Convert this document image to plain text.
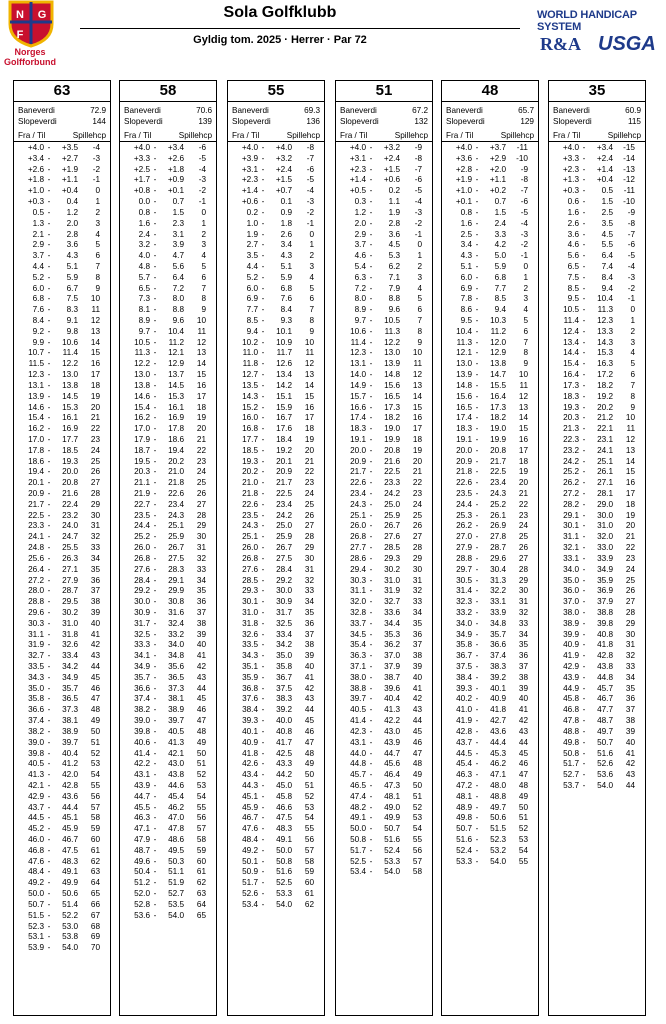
N G
F
Norges
Golfforbund
Sola Golfklubb
Gyldig tom. 2025 · Herrer · Par 72
WORLD HANDICAP SYSTEM
R&A USGA
63
Baneverdi	72.9
Slopeverdi	144
Fra / Til	Spillehcp
+4.0 -	+3.5	-4
+3.4 -	+2.7	-3
+2.6 -	+1.9	-2
+1.8 -	+1.1	-1
+1.0 -	+0.4	0
+0.3 -	0.4	1
0.5 -	1.2	2
1.3 -	2.0	3
2.1 -	2.8	4
2.9 -	3.6	5
3.7 -	4.3	6
4.4 -	5.1	7
5.2 -	5.9	8
6.0 -	6.7	9
6.8 -	7.5	10
7.6 -	8.3	11
8.4 -	9.1	12
9.2 -	9.8	13
9.9 -	10.6	14
10.7 -	11.4	15
11.5 -	12.2	16
12.3 -	13.0	17
13.1 -	13.8	18
13.9 -	14.5	19
14.6 -	15.3	20
15.4 -	16.1	21
16.2 -	16.9	22
17.0 -	17.7	23
17.8 -	18.5	24
18.6 -	19.3	25
19.4 -	20.0	26
20.1 -	20.8	27
20.9 -	21.6	28
21.7 -	22.4	29
22.5 -	23.2	30
23.3 -	24.0	31
24.1 -	24.7	32
24.8 -	25.5	33
25.6 -	26.3	34
26.4 -	27.1	35
27.2 -	27.9	36
28.0 -	28.7	37
28.8 -	29.5	38
29.6 -	30.2	39
30.3 -	31.0	40
31.1 -	31.8	41
31.9 -	32.6	42
32.7 -	33.4	43
33.5 -	34.2	44
34.3 -	34.9	45
35.0 -	35.7	46
35.8 -	36.5	47
36.6 -	37.3	48
37.4 -	38.1	49
38.2 -	38.9	50
39.0 -	39.7	51
39.8 -	40.4	52
40.5 -	41.2	53
41.3 -	42.0	54
42.1 -	42.8	55
42.9 -	43.6	56
43.7 -	44.4	57
44.5 -	45.1	58
45.2 -	45.9	59
46.0 -	46.7	60
46.8 -	47.5	61
47.6 -	48.3	62
48.4 -	49.1	63
49.2 -	49.9	64
50.0 -	50.6	65
50.7 -	51.4	66
51.5 -	52.2	67
52.3 -	53.0	68
53.1 -	53.8	69
53.9 -	54.0	70
58
Baneverdi	70.6
Slopeverdi	139
Fra / Til	Spillehcp
+4.0 -	+3.4	-6
+3.3 -	+2.6	-5
+2.5 -	+1.8	-4
+1.7 -	+0.9	-3
+0.8 -	+0.1	-2
0.0 -	0.7	-1
0.8 -	1.5	0
1.6 -	2.3	1
2.4 -	3.1	2
3.2 -	3.9	3
4.0 -	4.7	4
4.8 -	5.6	5
5.7 -	6.4	6
6.5 -	7.2	7
7.3 -	8.0	8
8.1 -	8.8	9
8.9 -	9.6	10
9.7 -	10.4	11
10.5 -	11.2	12
11.3 -	12.1	13
12.2 -	12.9	14
13.0 -	13.7	15
13.8 -	14.5	16
14.6 -	15.3	17
15.4 -	16.1	18
16.2 -	16.9	19
17.0 -	17.8	20
17.9 -	18.6	21
18.7 -	19.4	22
19.5 -	20.2	23
20.3 -	21.0	24
21.1 -	21.8	25
21.9 -	22.6	26
22.7 -	23.4	27
23.5 -	24.3	28
24.4 -	25.1	29
25.2 -	25.9	30
26.0 -	26.7	31
26.8 -	27.5	32
27.6 -	28.3	33
28.4 -	29.1	34
29.2 -	29.9	35
30.0 -	30.8	36
30.9 -	31.6	37
31.7 -	32.4	38
32.5 -	33.2	39
33.3 -	34.0	40
34.1 -	34.8	41
34.9 -	35.6	42
35.7 -	36.5	43
36.6 -	37.3	44
37.4 -	38.1	45
38.2 -	38.9	46
39.0 -	39.7	47
39.8 -	40.5	48
40.6 -	41.3	49
41.4 -	42.1	50
42.2 -	43.0	51
43.1 -	43.8	52
43.9 -	44.6	53
44.7 -	45.4	54
45.5 -	46.2	55
46.3 -	47.0	56
47.1 -	47.8	57
47.9 -	48.6	58
48.7 -	49.5	59
49.6 -	50.3	60
50.4 -	51.1	61
51.2 -	51.9	62
52.0 -	52.7	63
52.8 -	53.5	64
53.6 -	54.0	65
55
Baneverdi	69.3
Slopeverdi	136
Fra / Til	Spillehcp
+4.0 -	+4.0	-8
+3.9 -	+3.2	-7
+3.1 -	+2.4	-6
+2.3 -	+1.5	-5
+1.4 -	+0.7	-4
+0.6 -	0.1	-3
0.2 -	0.9	-2
1.0 -	1.8	-1
1.9 -	2.6	0
2.7 -	3.4	1
3.5 -	4.3	2
4.4 -	5.1	3
5.2 -	5.9	4
6.0 -	6.8	5
6.9 -	7.6	6
7.7 -	8.4	7
8.5 -	9.3	8
9.4 -	10.1	9
10.2 -	10.9	10
11.0 -	11.7	11
11.8 -	12.6	12
12.7 -	13.4	13
13.5 -	14.2	14
14.3 -	15.1	15
15.2 -	15.9	16
16.0 -	16.7	17
16.8 -	17.6	18
17.7 -	18.4	19
18.5 -	19.2	20
19.3 -	20.1	21
20.2 -	20.9	22
21.0 -	21.7	23
21.8 -	22.5	24
22.6 -	23.4	25
23.5 -	24.2	26
24.3 -	25.0	27
25.1 -	25.9	28
26.0 -	26.7	29
26.8 -	27.5	30
27.6 -	28.4	31
28.5 -	29.2	32
29.3 -	30.0	33
30.1 -	30.9	34
31.0 -	31.7	35
31.8 -	32.5	36
32.6 -	33.4	37
33.5 -	34.2	38
34.3 -	35.0	39
35.1 -	35.8	40
35.9 -	36.7	41
36.8 -	37.5	42
37.6 -	38.3	43
38.4 -	39.2	44
39.3 -	40.0	45
40.1 -	40.8	46
40.9 -	41.7	47
41.8 -	42.5	48
42.6 -	43.3	49
43.4 -	44.2	50
44.3 -	45.0	51
45.1 -	45.8	52
45.9 -	46.6	53
46.7 -	47.5	54
47.6 -	48.3	55
48.4 -	49.1	56
49.2 -	50.0	57
50.1 -	50.8	58
50.9 -	51.6	59
51.7 -	52.5	60
52.6 -	53.3	61
53.4 -	54.0	62
51
Baneverdi	67.2
Slopeverdi	132
Fra / Til	Spillehcp
+4.0 -	+3.2	-9
+3.1 -	+2.4	-8
+2.3 -	+1.5	-7
+1.4 -	+0.6	-6
+0.5 -	0.2	-5
0.3 -	1.1	-4
1.2 -	1.9	-3
2.0 -	2.8	-2
2.9 -	3.6	-1
3.7 -	4.5	0
4.6 -	5.3	1
5.4 -	6.2	2
6.3 -	7.1	3
7.2 -	7.9	4
8.0 -	8.8	5
8.9 -	9.6	6
9.7 -	10.5	7
10.6 -	11.3	8
11.4 -	12.2	9
12.3 -	13.0	10
13.1 -	13.9	11
14.0 -	14.8	12
14.9 -	15.6	13
15.7 -	16.5	14
16.6 -	17.3	15
17.4 -	18.2	16
18.3 -	19.0	17
19.1 -	19.9	18
20.0 -	20.8	19
20.9 -	21.6	20
21.7 -	22.5	21
22.6 -	23.3	22
23.4 -	24.2	23
24.3 -	25.0	24
25.1 -	25.9	25
26.0 -	26.7	26
26.8 -	27.6	27
27.7 -	28.5	28
28.6 -	29.3	29
29.4 -	30.2	30
30.3 -	31.0	31
31.1 -	31.9	32
32.0 -	32.7	33
32.8 -	33.6	34
33.7 -	34.4	35
34.5 -	35.3	36
35.4 -	36.2	37
36.3 -	37.0	38
37.1 -	37.9	39
38.0 -	38.7	40
38.8 -	39.6	41
39.7 -	40.4	42
40.5 -	41.3	43
41.4 -	42.2	44
42.3 -	43.0	45
43.1 -	43.9	46
44.0 -	44.7	47
44.8 -	45.6	48
45.7 -	46.4	49
46.5 -	47.3	50
47.4 -	48.1	51
48.2 -	49.0	52
49.1 -	49.9	53
50.0 -	50.7	54
50.8 -	51.6	55
51.7 -	52.4	56
52.5 -	53.3	57
53.4 -	54.0	58
48
Baneverdi	65.7
Slopeverdi	129
Fra / Til	Spillehcp
+4.0 -	+3.7	-11
+3.6 -	+2.9	-10
+2.8 -	+2.0	-9
+1.9 -	+1.1	-8
+1.0 -	+0.2	-7
+0.1 -	0.7	-6
0.8 -	1.5	-5
1.6 -	2.4	-4
2.5 -	3.3	-3
3.4 -	4.2	-2
4.3 -	5.0	-1
5.1 -	5.9	0
6.0 -	6.8	1
6.9 -	7.7	2
7.8 -	8.5	3
8.6 -	9.4	4
9.5 -	10.3	5
10.4 -	11.2	6
11.3 -	12.0	7
12.1 -	12.9	8
13.0 -	13.8	9
13.9 -	14.7	10
14.8 -	15.5	11
15.6 -	16.4	12
16.5 -	17.3	13
17.4 -	18.2	14
18.3 -	19.0	15
19.1 -	19.9	16
20.0 -	20.8	17
20.9 -	21.7	18
21.8 -	22.5	19
22.6 -	23.4	20
23.5 -	24.3	21
24.4 -	25.2	22
25.3 -	26.1	23
26.2 -	26.9	24
27.0 -	27.8	25
27.9 -	28.7	26
28.8 -	29.6	27
29.7 -	30.4	28
30.5 -	31.3	29
31.4 -	32.2	30
32.3 -	33.1	31
33.2 -	33.9	32
34.0 -	34.8	33
34.9 -	35.7	34
35.8 -	36.6	35
36.7 -	37.4	36
37.5 -	38.3	37
38.4 -	39.2	38
39.3 -	40.1	39
40.2 -	40.9	40
41.0 -	41.8	41
41.9 -	42.7	42
42.8 -	43.6	43
43.7 -	44.4	44
44.5 -	45.3	45
45.4 -	46.2	46
46.3 -	47.1	47
47.2 -	48.0	48
48.1 -	48.8	49
48.9 -	49.7	50
49.8 -	50.6	51
50.7 -	51.5	52
51.6 -	52.3	53
52.4 -	53.2	54
53.3 -	54.0	55
35
Baneverdi	60.9
Slopeverdi	115
Fra / Til	Spillehcp
+4.0 -	+3.4	-15
+3.3 -	+2.4	-14
+2.3 -	+1.4	-13
+1.3 -	+0.4	-12
+0.3 -	0.5	-11
0.6 -	1.5	-10
1.6 -	2.5	-9
2.6 -	3.5	-8
3.6 -	4.5	-7
4.6 -	5.5	-6
5.6 -	6.4	-5
6.5 -	7.4	-4
7.5 -	8.4	-3
8.5 -	9.4	-2
9.5 -	10.4	-1
10.5 -	11.3	0
11.4 -	12.3	1
12.4 -	13.3	2
13.4 -	14.3	3
14.4 -	15.3	4
15.4 -	16.3	5
16.4 -	17.2	6
17.3 -	18.2	7
18.3 -	19.2	8
19.3 -	20.2	9
20.3 -	21.2	10
21.3 -	22.1	11
22.3 -	23.1	12
23.2 -	24.1	13
24.2 -	25.1	14
25.2 -	26.1	15
26.2 -	27.1	16
27.2 -	28.1	17
28.2 -	29.0	18
29.1 -	30.0	19
30.1 -	31.0	20
31.1 -	32.0	21
32.1 -	33.0	22
33.1 -	33.9	23
34.0 -	34.9	24
35.0 -	35.9	25
36.0 -	36.9	26
37.0 -	37.9	27
38.0 -	38.8	28
38.9 -	39.8	29
39.9 -	40.8	30
40.9 -	41.8	31
41.9 -	42.8	32
42.9 -	43.8	33
43.9 -	44.8	34
44.9 -	45.7	35
45.8 -	46.7	36
46.8 -	47.7	37
47.8 -	48.7	38
48.8 -	49.7	39
49.8 -	50.7	40
50.8 -	51.6	41
51.7 -	52.6	42
52.7 -	53.6	43
53.7 -	54.0	44
